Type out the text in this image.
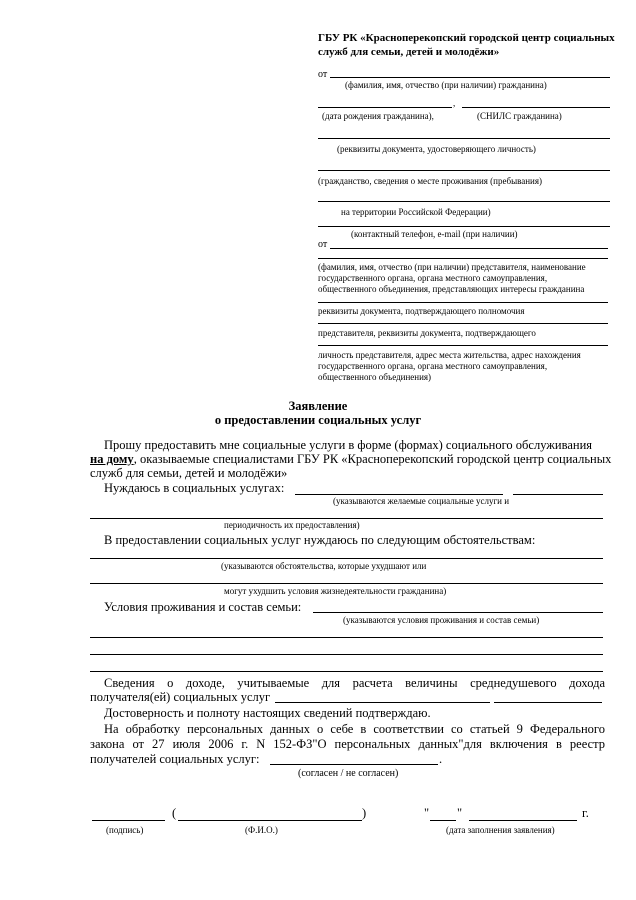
ГБУ РК «Красноперекопский городской центр социальных
служб для семьи, детей и молодёжи»
от
(фамилия, имя, отчество (при наличии) гражданина)
,
(дата рождения гражданина),	(СНИЛС гражданина)
(реквизиты документа, удостоверяющего личность)
(гражданство, сведения о месте проживания (пребывания)
на территории Российской Федерации)
(контактный телефон, e-mail (при наличии)
от
(фамилия, имя, отчество (при наличии) представителя, наименование
государственного органа, органа местного самоуправления,
общественного объединения, представляющих интересы гражданина
реквизиты документа, подтверждающего полномочия
представителя, реквизиты документа, подтверждающего
личность представителя, адрес места жительства, адрес нахождения
государственного органа, органа местного самоуправления,
общественного объединения)
Заявление
о предоставлении социальных услуг
Прошу предоставить мне социальные услуги в форме (формах) социального обслуживания
на дому, оказываемые специалистами ГБУ РК «Красноперекопский городской центр социальных
служб для семьи, детей и молодёжи»
Нуждаюсь в социальных услугах:
(указываются желаемые социальные услуги и
периодичность их предоставления)
В предоставлении социальных услуг нуждаюсь по следующим обстоятельствам:
(указываются обстоятельства, которые ухудшают или
могут ухудшить условия жизнедеятельности гражданина)
Условия проживания и состав семьи:
(указываются условия проживания и состав семьи)
Сведения о доходе, учитываемые для расчета величины среднедушевого дохода
получателя(ей) социальных услуг
Достоверность и полноту настоящих сведений подтверждаю.
На обработку персональных данных о себе в соответствии со статьей 9 Федерального
закона от 27 июля 2006 г. N 152-ФЗ"О персональных данных"для включения в реестр
получателей социальных услуг:	.
(согласен / не согласен)
(	)
(подпись)	(Ф.И.О.)
" "	г.
(дата заполнения заявления)
